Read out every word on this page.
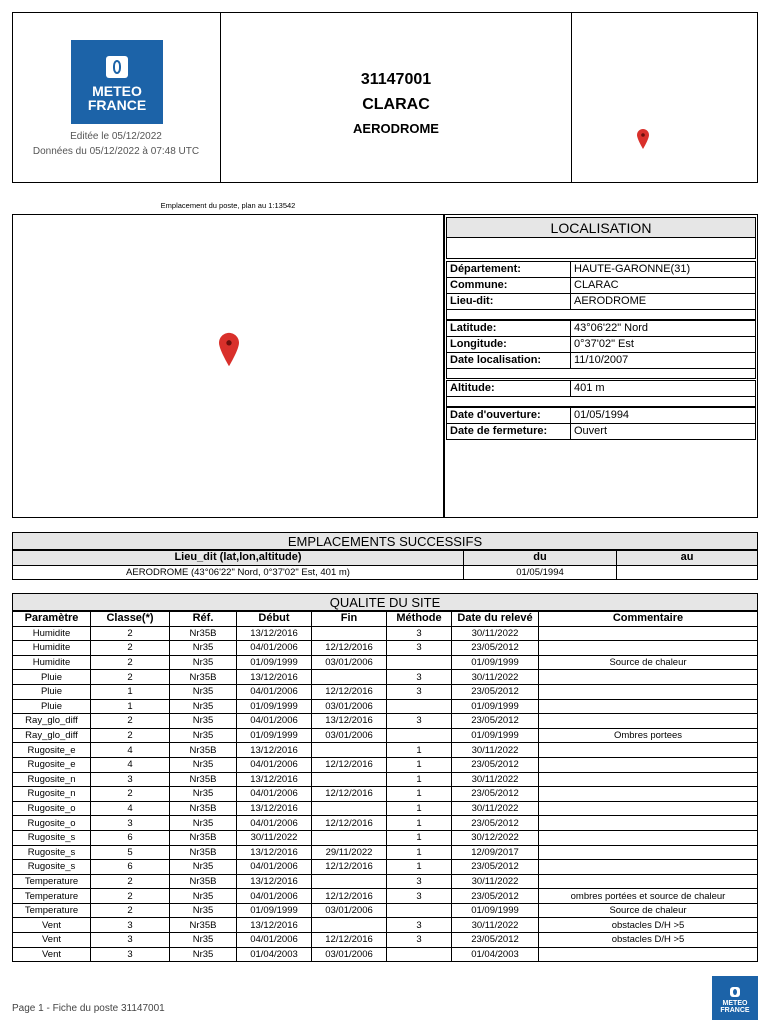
METEO
FRANCE
Editée le 05/12/2022
Données du 05/12/2022 à 07:48 UTC
31147001
CLARAC
AERODROME
Emplacement du poste, plan au 1:13542
LOCALISATION
Département:	HAUTE-GARONNE(31)
Commune:	CLARAC
Lieu-dit:	AERODROME
Latitude:	43°06'22" Nord
Longitude:	0°37'02" Est
Date localisation:	11/10/2007
Altitude:	401 m
Date d'ouverture:	01/05/1994
Date de fermeture:	Ouvert
EMPLACEMENTS SUCCESSIFS
Lieu_dit (lat,lon,altitude)	du	au
AERODROME (43°06'22" Nord, 0°37'02" Est, 401 m)	01/05/1994	
QUALITE DU SITE
Paramètre	Classe(*)	Réf.	Début	Fin	Méthode	Date du relevé	Commentaire
Humidite	2	Nr35B	13/12/2016		3	30/11/2022	
Humidite	2	Nr35	04/01/2006	12/12/2016	3	23/05/2012	
Humidite	2	Nr35	01/09/1999	03/01/2006		01/09/1999	Source de chaleur
Pluie	2	Nr35B	13/12/2016		3	30/11/2022	
Pluie	1	Nr35	04/01/2006	12/12/2016	3	23/05/2012	
Pluie	1	Nr35	01/09/1999	03/01/2006		01/09/1999	
Ray_glo_diff	2	Nr35	04/01/2006	13/12/2016	3	23/05/2012	
Ray_glo_diff	2	Nr35	01/09/1999	03/01/2006		01/09/1999	Ombres portees
Rugosite_e	4	Nr35B	13/12/2016		1	30/11/2022	
Rugosite_e	4	Nr35	04/01/2006	12/12/2016	1	23/05/2012	
Rugosite_n	3	Nr35B	13/12/2016		1	30/11/2022	
Rugosite_n	2	Nr35	04/01/2006	12/12/2016	1	23/05/2012	
Rugosite_o	4	Nr35B	13/12/2016		1	30/11/2022	
Rugosite_o	3	Nr35	04/01/2006	12/12/2016	1	23/05/2012	
Rugosite_s	6	Nr35B	30/11/2022		1	30/12/2022	
Rugosite_s	5	Nr35B	13/12/2016	29/11/2022	1	12/09/2017	
Rugosite_s	6	Nr35	04/01/2006	12/12/2016	1	23/05/2012	
Temperature	2	Nr35B	13/12/2016		3	30/11/2022	
Temperature	2	Nr35	04/01/2006	12/12/2016	3	23/05/2012	ombres portées et source de chaleur
Temperature	2	Nr35	01/09/1999	03/01/2006		01/09/1999	Source de chaleur
Vent	3	Nr35B	13/12/2016		3	30/11/2022	obstacles D/H >5
Vent	3	Nr35	04/01/2006	12/12/2016	3	23/05/2012	obstacles D/H >5
Vent	3	Nr35	01/04/2003	03/01/2006		01/04/2003	
Page 1 - Fiche du poste 31147001	METEO
FRANCE
